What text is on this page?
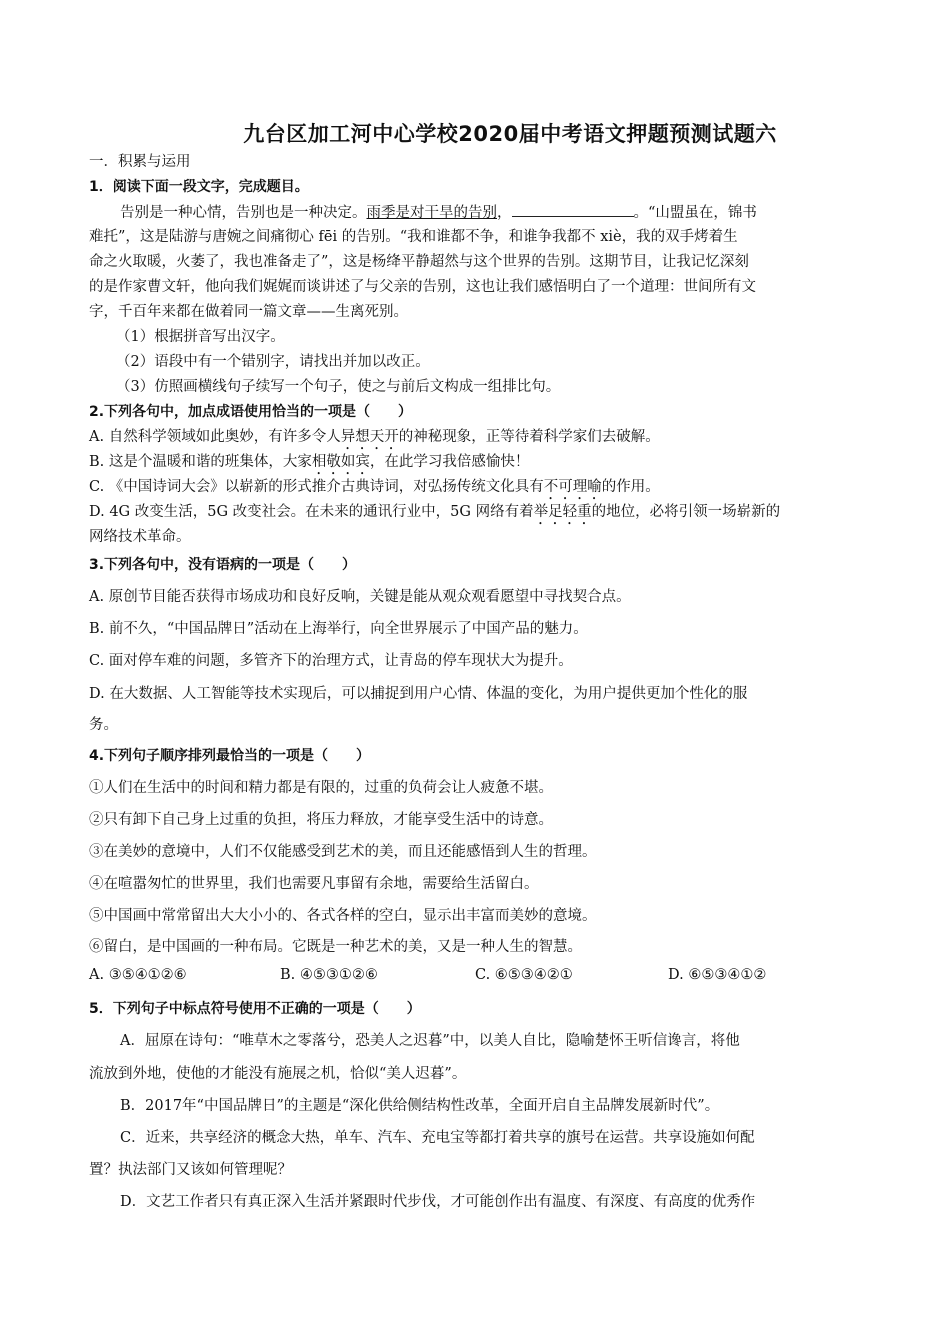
九台区加工河中心学校2020届中考语文押题预测试题六
一．积累与运用
1．阅读下面一段文字，完成题目。
告别是一种心情，告别也是一种决定。雨季是对干旱的告别，	。“山盟虽在，锦书
难托”，这是陆游与唐婉之间痛彻心 fēi 的告别。“我和谁都不争，和谁争我都不 xiè，我的双手烤着生
命之火取暖，火萎了，我也准备走了”，这是杨绛平静超然与这个世界的告别。这期节目，让我记忆深刻
的是作家曹文轩，他向我们娓娓而谈讲述了与父亲的告别，这也让我们感悟明白了一个道理：世间所有文
字，千百年来都在做着同一篇文章——生离死别。
（1）根据拼音写出汉字。
（2）语段中有一个错别字，请找出并加以改正。
（3）仿照画横线句子续写一个句子，使之与前后文构成一组排比句。
2.下列各句中，加点成语使用恰当的一项是（　　）
A. 自然科学领域如此奥妙，有许多令人异想天开的神秘现象，正等待着科学家们去破解。
B. 这是个温暖和谐的班集体，大家相敬如宾，在此学习我倍感愉快！
C. 《中国诗词大会》以崭新的形式推介古典诗词，对弘扬传统文化具有不可理喻的作用。
D. 4G 改变生活，5G 改变社会。在未来的通讯行业中，5G 网络有着举足轻重的地位，必将引领一场崭新的
网络技术革命。
3.下列各句中，没有语病的一项是（　　）
A. 原创节目能否获得市场成功和良好反响，关键是能从观众观看愿望中寻找契合点。
B. 前不久，“中国品牌日”活动在上海举行，向全世界展示了中国产品的魅力。
C. 面对停车难的问题，多管齐下的治理方式，让青岛的停车现状大为提升。
D. 在大数据、人工智能等技术实现后，可以捕捉到用户心情、体温的变化，为用户提供更加个性化的服
务。
4.下列句子顺序排列最恰当的一项是（　　）
①人们在生活中的时间和精力都是有限的，过重的负荷会让人疲惫不堪。
②只有卸下自己身上过重的负担，将压力释放，才能享受生活中的诗意。
③在美妙的意境中，人们不仅能感受到艺术的美，而且还能感悟到人生的哲理。
④在喧嚣匆忙的世界里，我们也需要凡事留有余地，需要给生活留白。
⑤中国画中常常留出大大小小的、各式各样的空白，显示出丰富而美妙的意境。
⑥留白，是中国画的一种布局。它既是一种艺术的美，又是一种人生的智慧。
A. ③⑤④①②⑥	B. ④⑤③①②⑥	C. ⑥⑤③④②①	D. ⑥⑤③④①②
5．下列句子中标点符号使用不正确的一项是（　　）
A．屈原在诗句：“唯草木之零落兮，恐美人之迟暮”中，以美人自比，隐喻楚怀王听信谗言，将他
流放到外地，使他的才能没有施展之机，恰似“美人迟暮”。
B．2017年“中国品牌日”的主题是“深化供给侧结构性改革，全面开启自主品牌发展新时代”。
C．近来，共享经济的概念大热，单车、汽车、充电宝等都打着共享的旗号在运营。共享设施如何配
置？执法部门又该如何管理呢？
D．文艺工作者只有真正深入生活并紧跟时代步伐，才可能创作出有温度、有深度、有高度的优秀作
